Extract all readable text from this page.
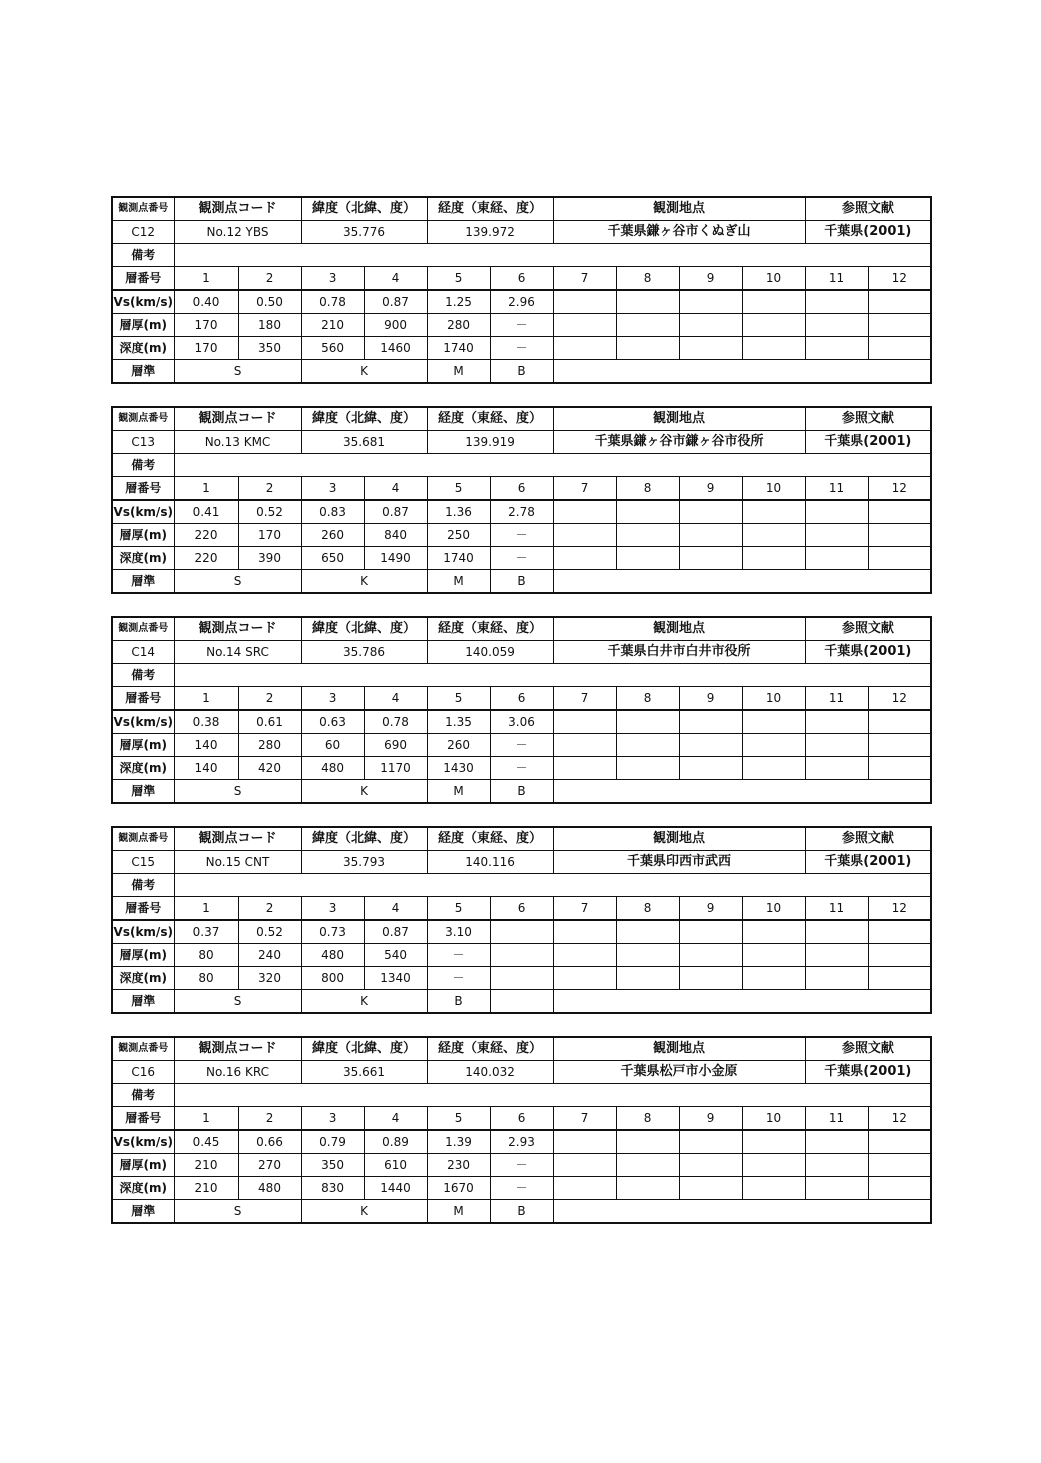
観測点番号	観測点コード		緯度（北緯、度）		経度（東経、度）		観測地点				参照文献	
C12	No.12 YBS		35.776		139.972		千葉県鎌ヶ谷市くぬぎ山				千葉県(2001)	
備考												
層番号	1	2	3	4	5	6	7	8	9	10	11	12
Vs(km/s)	0.40	0.50	0.78	0.87	1.25	2.96						
層厚(m)	170	180	210	900	280	－						
深度(m)	170	350	560	1460	1740	－						
層準	S		K		M	B						
観測点番号	観測点コード		緯度（北緯、度）		経度（東経、度）		観測地点				参照文献	
C13	No.13 KMC		35.681		139.919		千葉県鎌ヶ谷市鎌ヶ谷市役所				千葉県(2001)	
備考												
層番号	1	2	3	4	5	6	7	8	9	10	11	12
Vs(km/s)	0.41	0.52	0.83	0.87	1.36	2.78						
層厚(m)	220	170	260	840	250	－						
深度(m)	220	390	650	1490	1740	－						
層準	S		K		M	B						
観測点番号	観測点コード		緯度（北緯、度）		経度（東経、度）		観測地点				参照文献	
C14	No.14 SRC		35.786		140.059		千葉県白井市白井市役所				千葉県(2001)	
備考												
層番号	1	2	3	4	5	6	7	8	9	10	11	12
Vs(km/s)	0.38	0.61	0.63	0.78	1.35	3.06						
層厚(m)	140	280	60	690	260	－						
深度(m)	140	420	480	1170	1430	－						
層準	S		K		M	B						
観測点番号	観測点コード		緯度（北緯、度）		経度（東経、度）		観測地点				参照文献	
C15	No.15 CNT		35.793		140.116		千葉県印西市武西				千葉県(2001)	
備考												
層番号	1	2	3	4	5	6	7	8	9	10	11	12
Vs(km/s)	0.37	0.52	0.73	0.87	3.10							
層厚(m)	80	240	480	540	－							
深度(m)	80	320	800	1340	－							
層準	S		K		B							
観測点番号	観測点コード		緯度（北緯、度）		経度（東経、度）		観測地点				参照文献	
C16	No.16 KRC		35.661		140.032		千葉県松戸市小金原				千葉県(2001)	
備考												
層番号	1	2	3	4	5	6	7	8	9	10	11	12
Vs(km/s)	0.45	0.66	0.79	0.89	1.39	2.93						
層厚(m)	210	270	350	610	230	－						
深度(m)	210	480	830	1440	1670	－						
層準	S		K		M	B						
